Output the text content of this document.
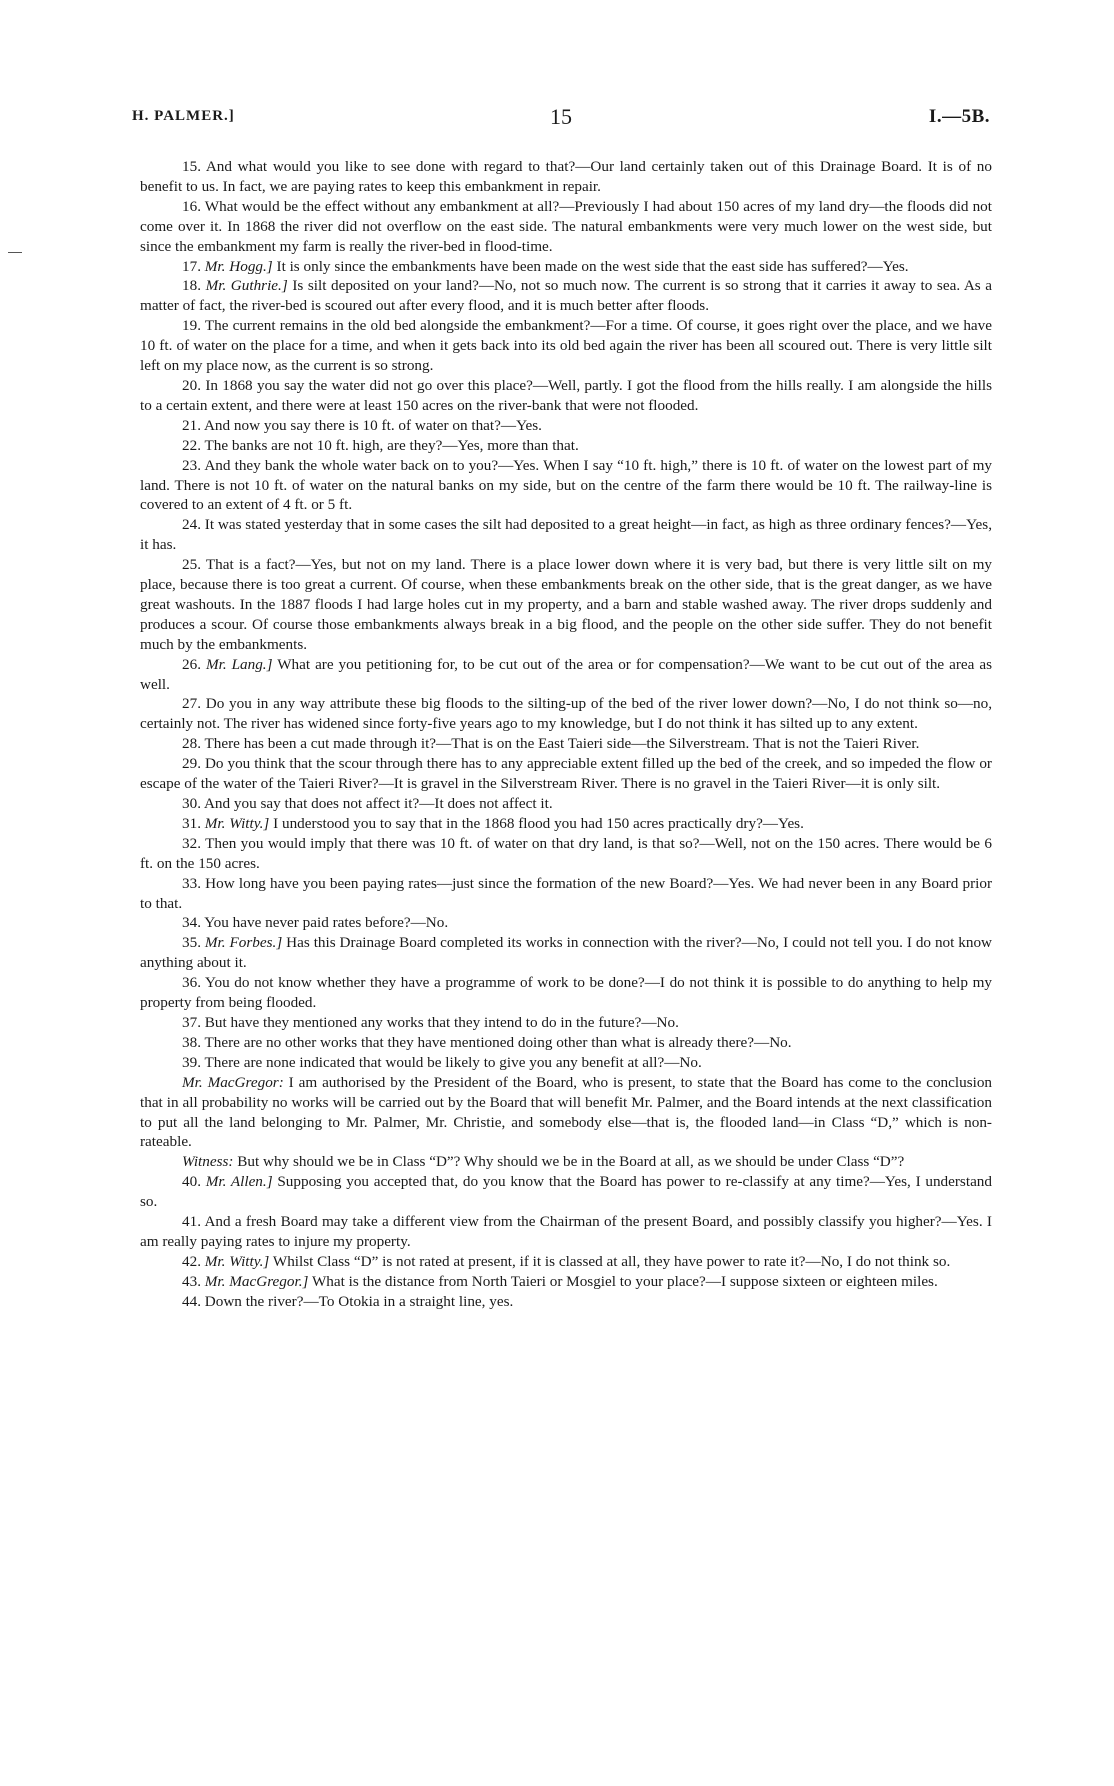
H. PALMER.]	15	I.—5B.

15. And what would you like to see done with regard to that?—Our land certainly taken out of this Drainage Board. It is of no benefit to us. In fact, we are paying rates to keep this embankment in repair.

16. What would be the effect without any embankment at all?—Previously I had about 150 acres of my land dry—the floods did not come over it. In 1868 the river did not overflow on the east side. The natural embankments were very much lower on the west side, but since the embankment my farm is really the river-bed in flood-time.

17. Mr. Hogg.] It is only since the embankments have been made on the west side that the east side has suffered?—Yes.

18. Mr. Guthrie.] Is silt deposited on your land?—No, not so much now. The current is so strong that it carries it away to sea. As a matter of fact, the river-bed is scoured out after every flood, and it is much better after floods.

19. The current remains in the old bed alongside the embankment?—For a time. Of course, it goes right over the place, and we have 10 ft. of water on the place for a time, and when it gets back into its old bed again the river has been all scoured out. There is very little silt left on my place now, as the current is so strong.

20. In 1868 you say the water did not go over this place?—Well, partly. I got the flood from the hills really. I am alongside the hills to a certain extent, and there were at least 150 acres on the river-bank that were not flooded.

21. And now you say there is 10 ft. of water on that?—Yes.

22. The banks are not 10 ft. high, are they?—Yes, more than that.

23. And they bank the whole water back on to you?—Yes. When I say “10 ft. high,” there is 10 ft. of water on the lowest part of my land. There is not 10 ft. of water on the natural banks on my side, but on the centre of the farm there would be 10 ft. The railway-line is covered to an extent of 4 ft. or 5 ft.

24. It was stated yesterday that in some cases the silt had deposited to a great height—in fact, as high as three ordinary fences?—Yes, it has.

25. That is a fact?—Yes, but not on my land. There is a place lower down where it is very bad, but there is very little silt on my place, because there is too great a current. Of course, when these embankments break on the other side, that is the great danger, as we have great washouts. In the 1887 floods I had large holes cut in my property, and a barn and stable washed away. The river drops suddenly and produces a scour. Of course those embankments always break in a big flood, and the people on the other side suffer. They do not benefit much by the embankments.

26. Mr. Lang.] What are you petitioning for, to be cut out of the area or for compensation?—We want to be cut out of the area as well.

27. Do you in any way attribute these big floods to the silting-up of the bed of the river lower down?—No, I do not think so—no, certainly not. The river has widened since forty-five years ago to my knowledge, but I do not think it has silted up to any extent.

28. There has been a cut made through it?—That is on the East Taieri side—the Silverstream. That is not the Taieri River.

29. Do you think that the scour through there has to any appreciable extent filled up the bed of the creek, and so impeded the flow or escape of the water of the Taieri River?—It is gravel in the Silverstream River. There is no gravel in the Taieri River—it is only silt.

30. And you say that does not affect it?—It does not affect it.

31. Mr. Witty.] I understood you to say that in the 1868 flood you had 150 acres practically dry?—Yes.

32. Then you would imply that there was 10 ft. of water on that dry land, is that so?—Well, not on the 150 acres. There would be 6 ft. on the 150 acres.

33. How long have you been paying rates—just since the formation of the new Board?—Yes. We had never been in any Board prior to that.

34. You have never paid rates before?—No.

35. Mr. Forbes.] Has this Drainage Board completed its works in connection with the river?—No, I could not tell you. I do not know anything about it.

36. You do not know whether they have a programme of work to be done?—I do not think it is possible to do anything to help my property from being flooded.

37. But have they mentioned any works that they intend to do in the future?—No.

38. There are no other works that they have mentioned doing other than what is already there?—No.

39. There are none indicated that would be likely to give you any benefit at all?—No.

Mr. MacGregor: I am authorised by the President of the Board, who is present, to state that the Board has come to the conclusion that in all probability no works will be carried out by the Board that will benefit Mr. Palmer, and the Board intends at the next classification to put all the land belonging to Mr. Palmer, Mr. Christie, and somebody else—that is, the flooded land—in Class “D,” which is non-rateable.

Witness: But why should we be in Class “D”? Why should we be in the Board at all, as we should be under Class “D”?

40. Mr. Allen.] Supposing you accepted that, do you know that the Board has power to re-classify at any time?—Yes, I understand so.

41. And a fresh Board may take a different view from the Chairman of the present Board, and possibly classify you higher?—Yes. I am really paying rates to injure my property.

42. Mr. Witty.] Whilst Class “D” is not rated at present, if it is classed at all, they have power to rate it?—No, I do not think so.

43. Mr. MacGregor.] What is the distance from North Taieri or Mosgiel to your place?—I suppose sixteen or eighteen miles.

44. Down the river?—To Otokia in a straight line, yes.
